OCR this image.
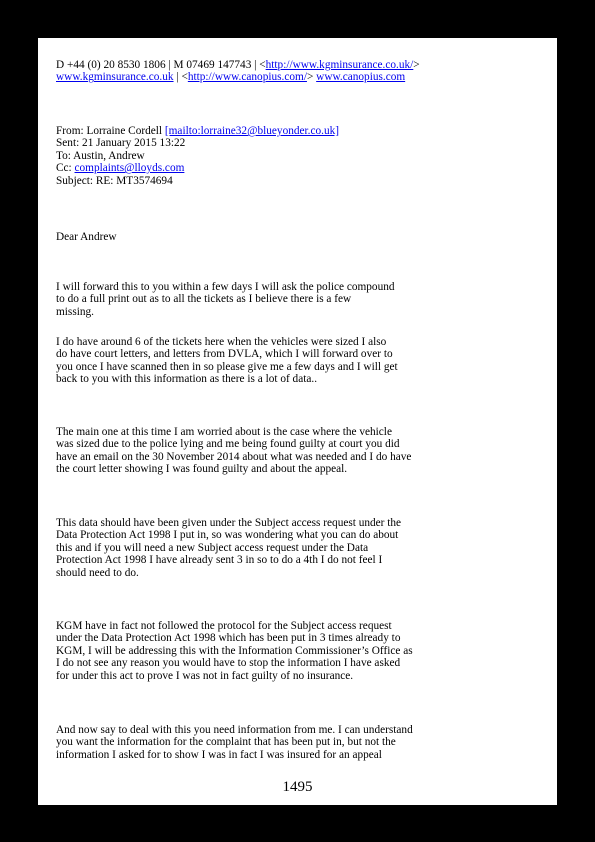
D +44 (0) 20 8530 1806 | M 07469 147743 | <http://www.kgminsurance.co.uk/>
www.kgminsurance.co.uk | <http://www.canopius.com/> www.canopius.com
From: Lorraine Cordell [mailto:lorraine32@blueyonder.co.uk]
Sent: 21 January 2015 13:22
To: Austin, Andrew
Cc: complaints@lloyds.com
Subject: RE: MT3574694
Dear Andrew
I will forward this to you within a few days I will ask the police compound
to do a full print out as to all the tickets as I believe there is a few
missing.
I do have around 6 of the tickets here when the vehicles were sized I also
do have court letters, and letters from DVLA, which I will forward over to
you once I have scanned then in so please give me a few days and I will get
back to you with this information as there is a lot of data..
The main one at this time I am worried about is the case where the vehicle
was sized due to the police lying and me being found guilty at court you did
have an email on the 30 November 2014 about what was needed and I do have
the court letter showing I was found guilty and about the appeal.
This data should have been given under the Subject access request under the
Data Protection Act 1998 I put in, so was wondering what you can do about
this and if you will need a new Subject access request under the Data
Protection Act 1998 I have already sent 3 in so to do a 4th I do not feel I
should need to do.
KGM have in fact not followed the protocol for the Subject access request
under the Data Protection Act 1998 which has been put in 3 times already to
KGM, I will be addressing this with the Information Commissioner’s Office as
I do not see any reason you would have to stop the information I have asked
for under this act to prove I was not in fact guilty of no insurance.
And now say to deal with this you need information from me. I can understand
you want the information for the complaint that has been put in, but not the
information I asked for to show I was in fact I was insured for an appeal
1495
